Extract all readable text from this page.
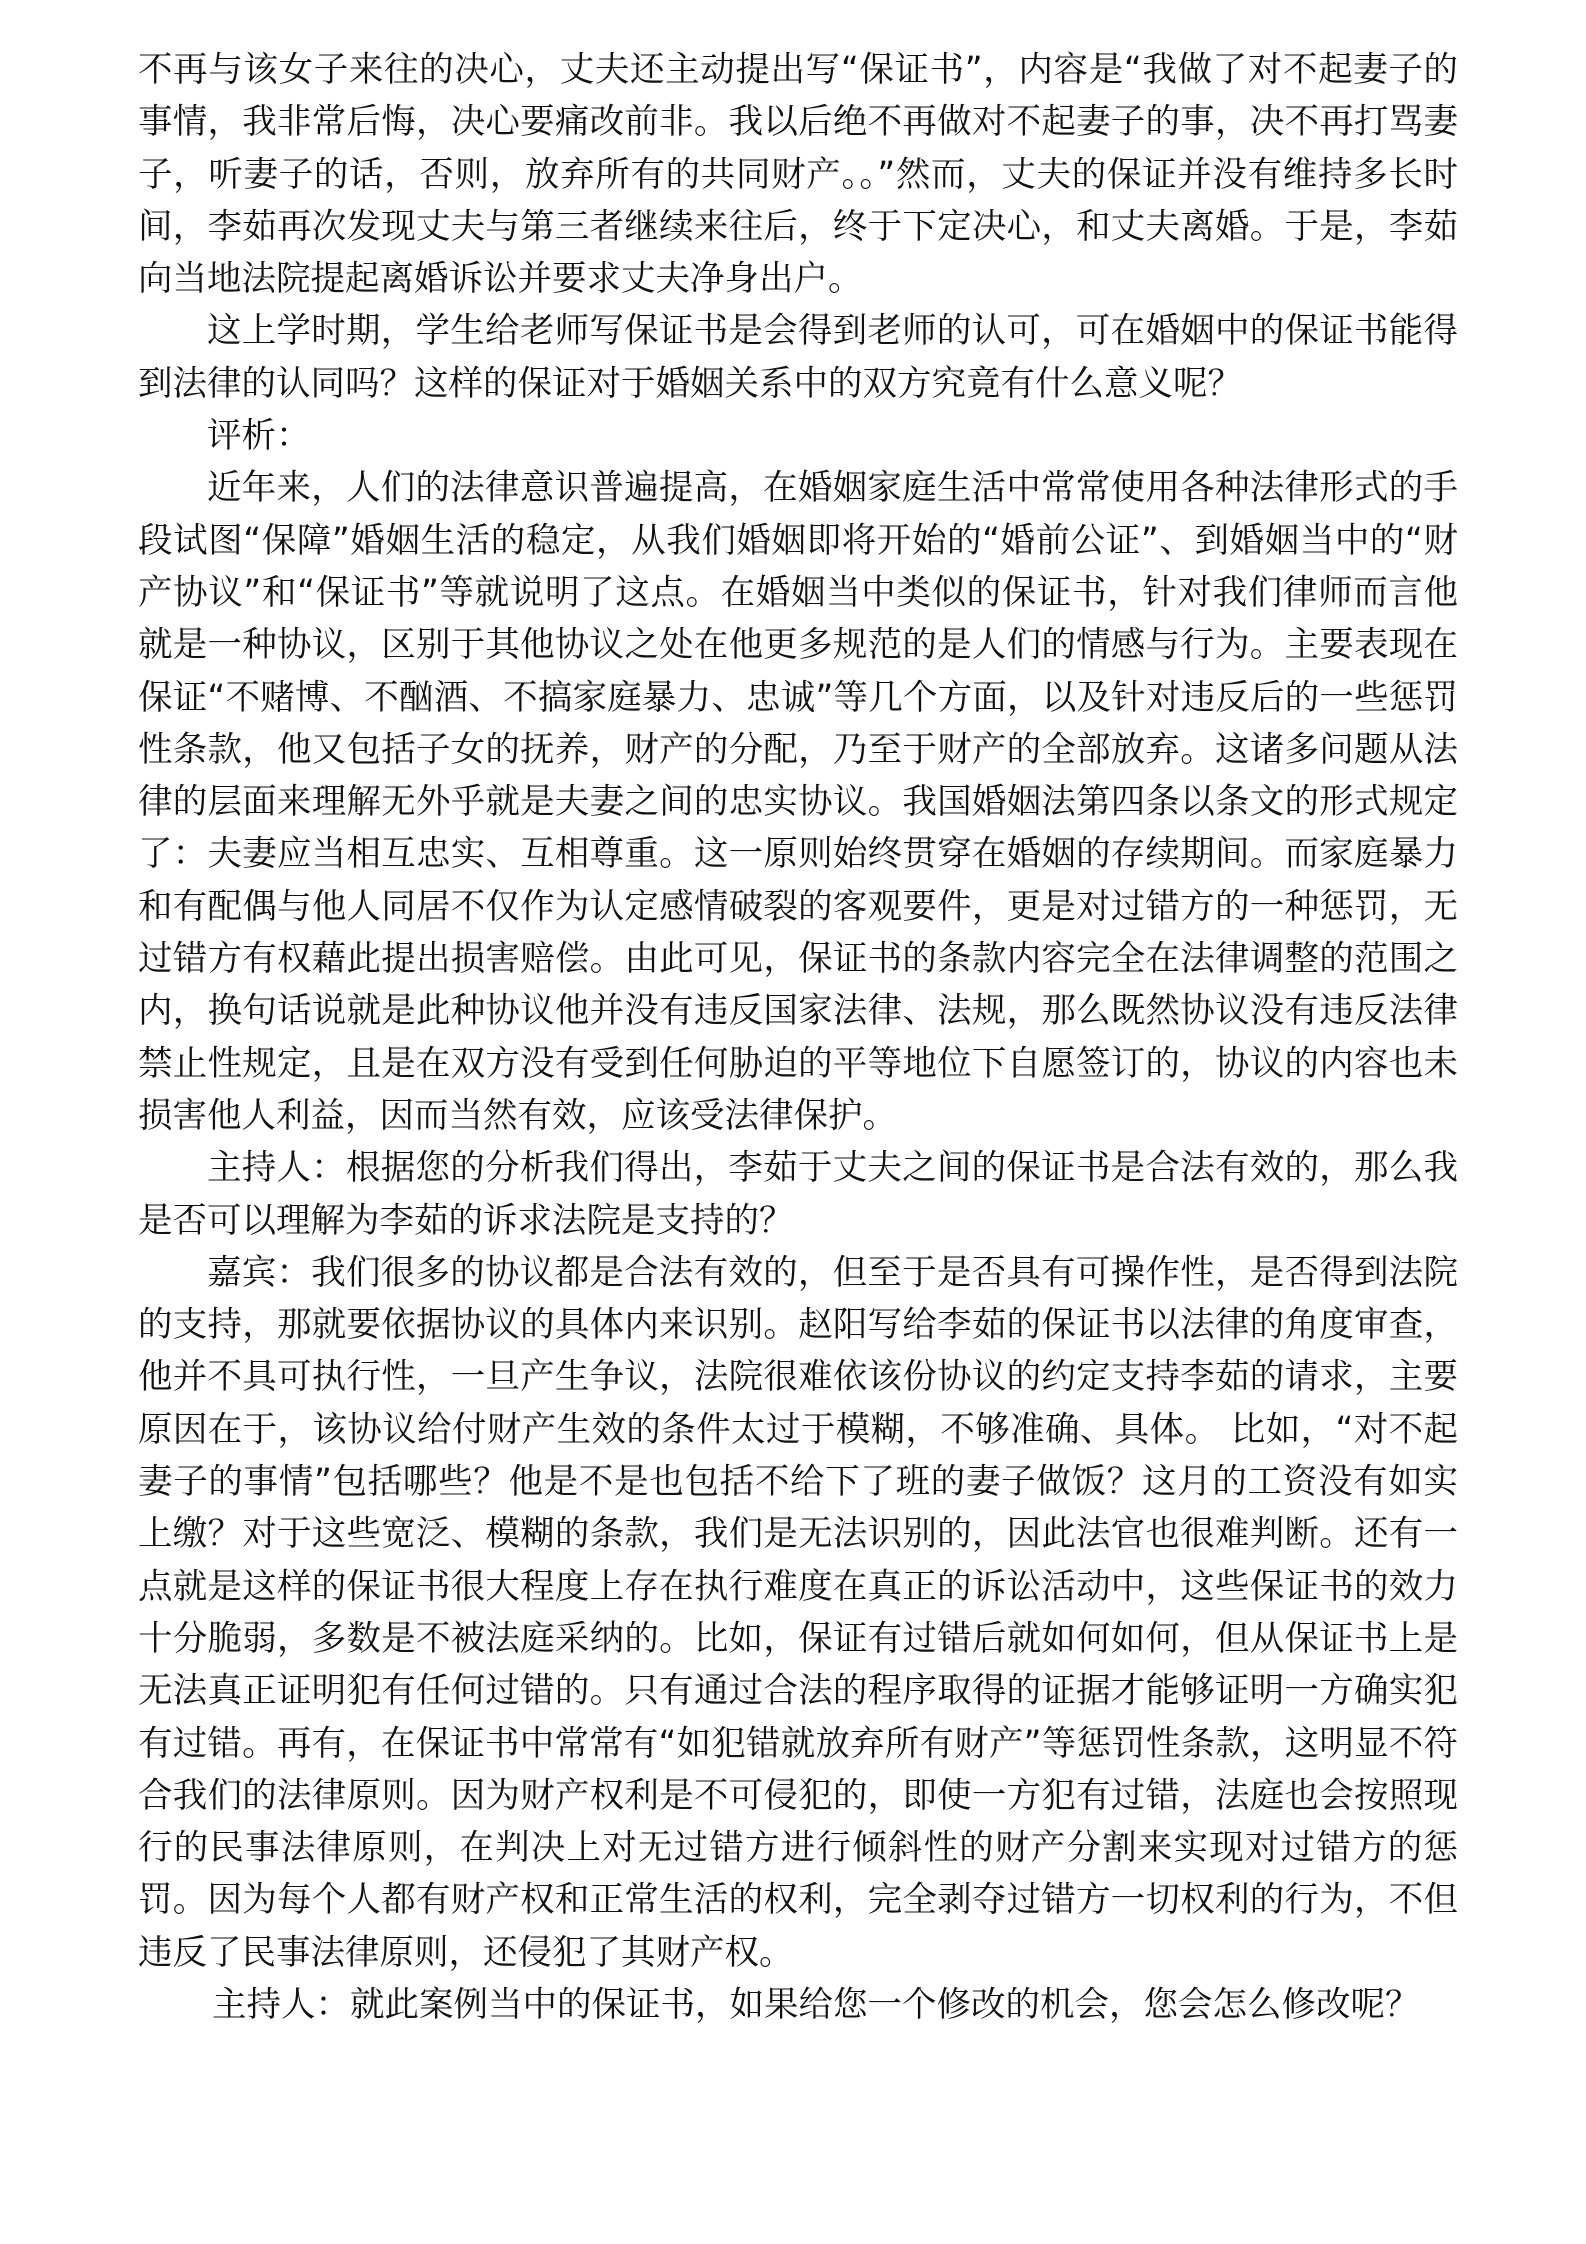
不再与该女子来往的决心，丈夫还主动提出写“保证书”，内容是“我做了对不起妻子的事情，我非常后悔，决心要痛改前非。我以后绝不再做对不起妻子的事，决不再打骂妻子，听妻子的话，否则，放弃所有的共同财产。。”然而，丈夫的保证并没有维持多长时间，李茹再次发现丈夫与第三者继续来往后，终于下定决心，和丈夫离婚。于是，李茹向当地法院提起离婚诉讼并要求丈夫净身出户。

这上学时期，学生给老师写保证书是会得到老师的认可，可在婚姻中的保证书能得到法律的认同吗？这样的保证对于婚姻关系中的双方究竟有什么意义呢？

评析：

近年来，人们的法律意识普遍提高，在婚姻家庭生活中常常使用各种法律形式的手段试图“保障”婚姻生活的稳定，从我们婚姻即将开始的“婚前公证”、到婚姻当中的“财产协议”和“保证书”等就说明了这点。在婚姻当中类似的保证书，针对我们律师而言他就是一种协议，区别于其他协议之处在他更多规范的是人们的情感与行为。主要表现在保证“不赌博、不酗酒、不搞家庭暴力、忠诚”等几个方面，以及针对违反后的一些惩罚性条款，他又包括子女的抚养，财产的分配，乃至于财产的全部放弃。这诸多问题从法律的层面来理解无外乎就是夫妻之间的忠实协议。我国婚姻法第四条以条文的形式规定了：夫妻应当相互忠实、互相尊重。这一原则始终贯穿在婚姻的存续期间。而家庭暴力和有配偶与他人同居不仅作为认定感情破裂的客观要件，更是对过错方的一种惩罚，无过错方有权藉此提出损害赔偿。由此可见，保证书的条款内容完全在法律调整的范围之内，换句话说就是此种协议他并没有违反国家法律、法规，那么既然协议没有违反法律禁止性规定，且是在双方没有受到任何胁迫的平等地位下自愿签订的，协议的内容也未损害他人利益，因而当然有效，应该受法律保护。

主持人：根据您的分析我们得出，李茹于丈夫之间的保证书是合法有效的，那么我是否可以理解为李茹的诉求法院是支持的？

嘉宾：我们很多的协议都是合法有效的，但至于是否具有可操作性，是否得到法院的支持，那就要依据协议的具体内来识别。赵阳写给李茹的保证书以法律的角度审查，他并不具可执行性，一旦产生争议，法院很难依该份协议的约定支持李茹的请求，主要原因在于，该协议给付财产生效的条件太过于模糊，不够准确、具体。 比如，“对不起妻子的事情”包括哪些？他是不是也包括不给下了班的妻子做饭？这月的工资没有如实上缴？对于这些宽泛、模糊的条款，我们是无法识别的，因此法官也很难判断。还有一点就是这样的保证书很大程度上存在执行难度在真正的诉讼活动中，这些保证书的效力十分脆弱，多数是不被法庭采纳的。比如，保证有过错后就如何如何，但从保证书上是无法真正证明犯有任何过错的。只有通过合法的程序取得的证据才能够证明一方确实犯有过错。再有，在保证书中常常有“如犯错就放弃所有财产”等惩罚性条款，这明显不符合我们的法律原则。因为财产权利是不可侵犯的，即使一方犯有过错，法庭也会按照现行的民事法律原则，在判决上对无过错方进行倾斜性的财产分割来实现对过错方的惩罚。因为每个人都有财产权和正常生活的权利，完全剥夺过错方一切权利的行为，不但违反了民事法律原则，还侵犯了其财产权。

主持人：就此案例当中的保证书，如果给您一个修改的机会，您会怎么修改呢？
